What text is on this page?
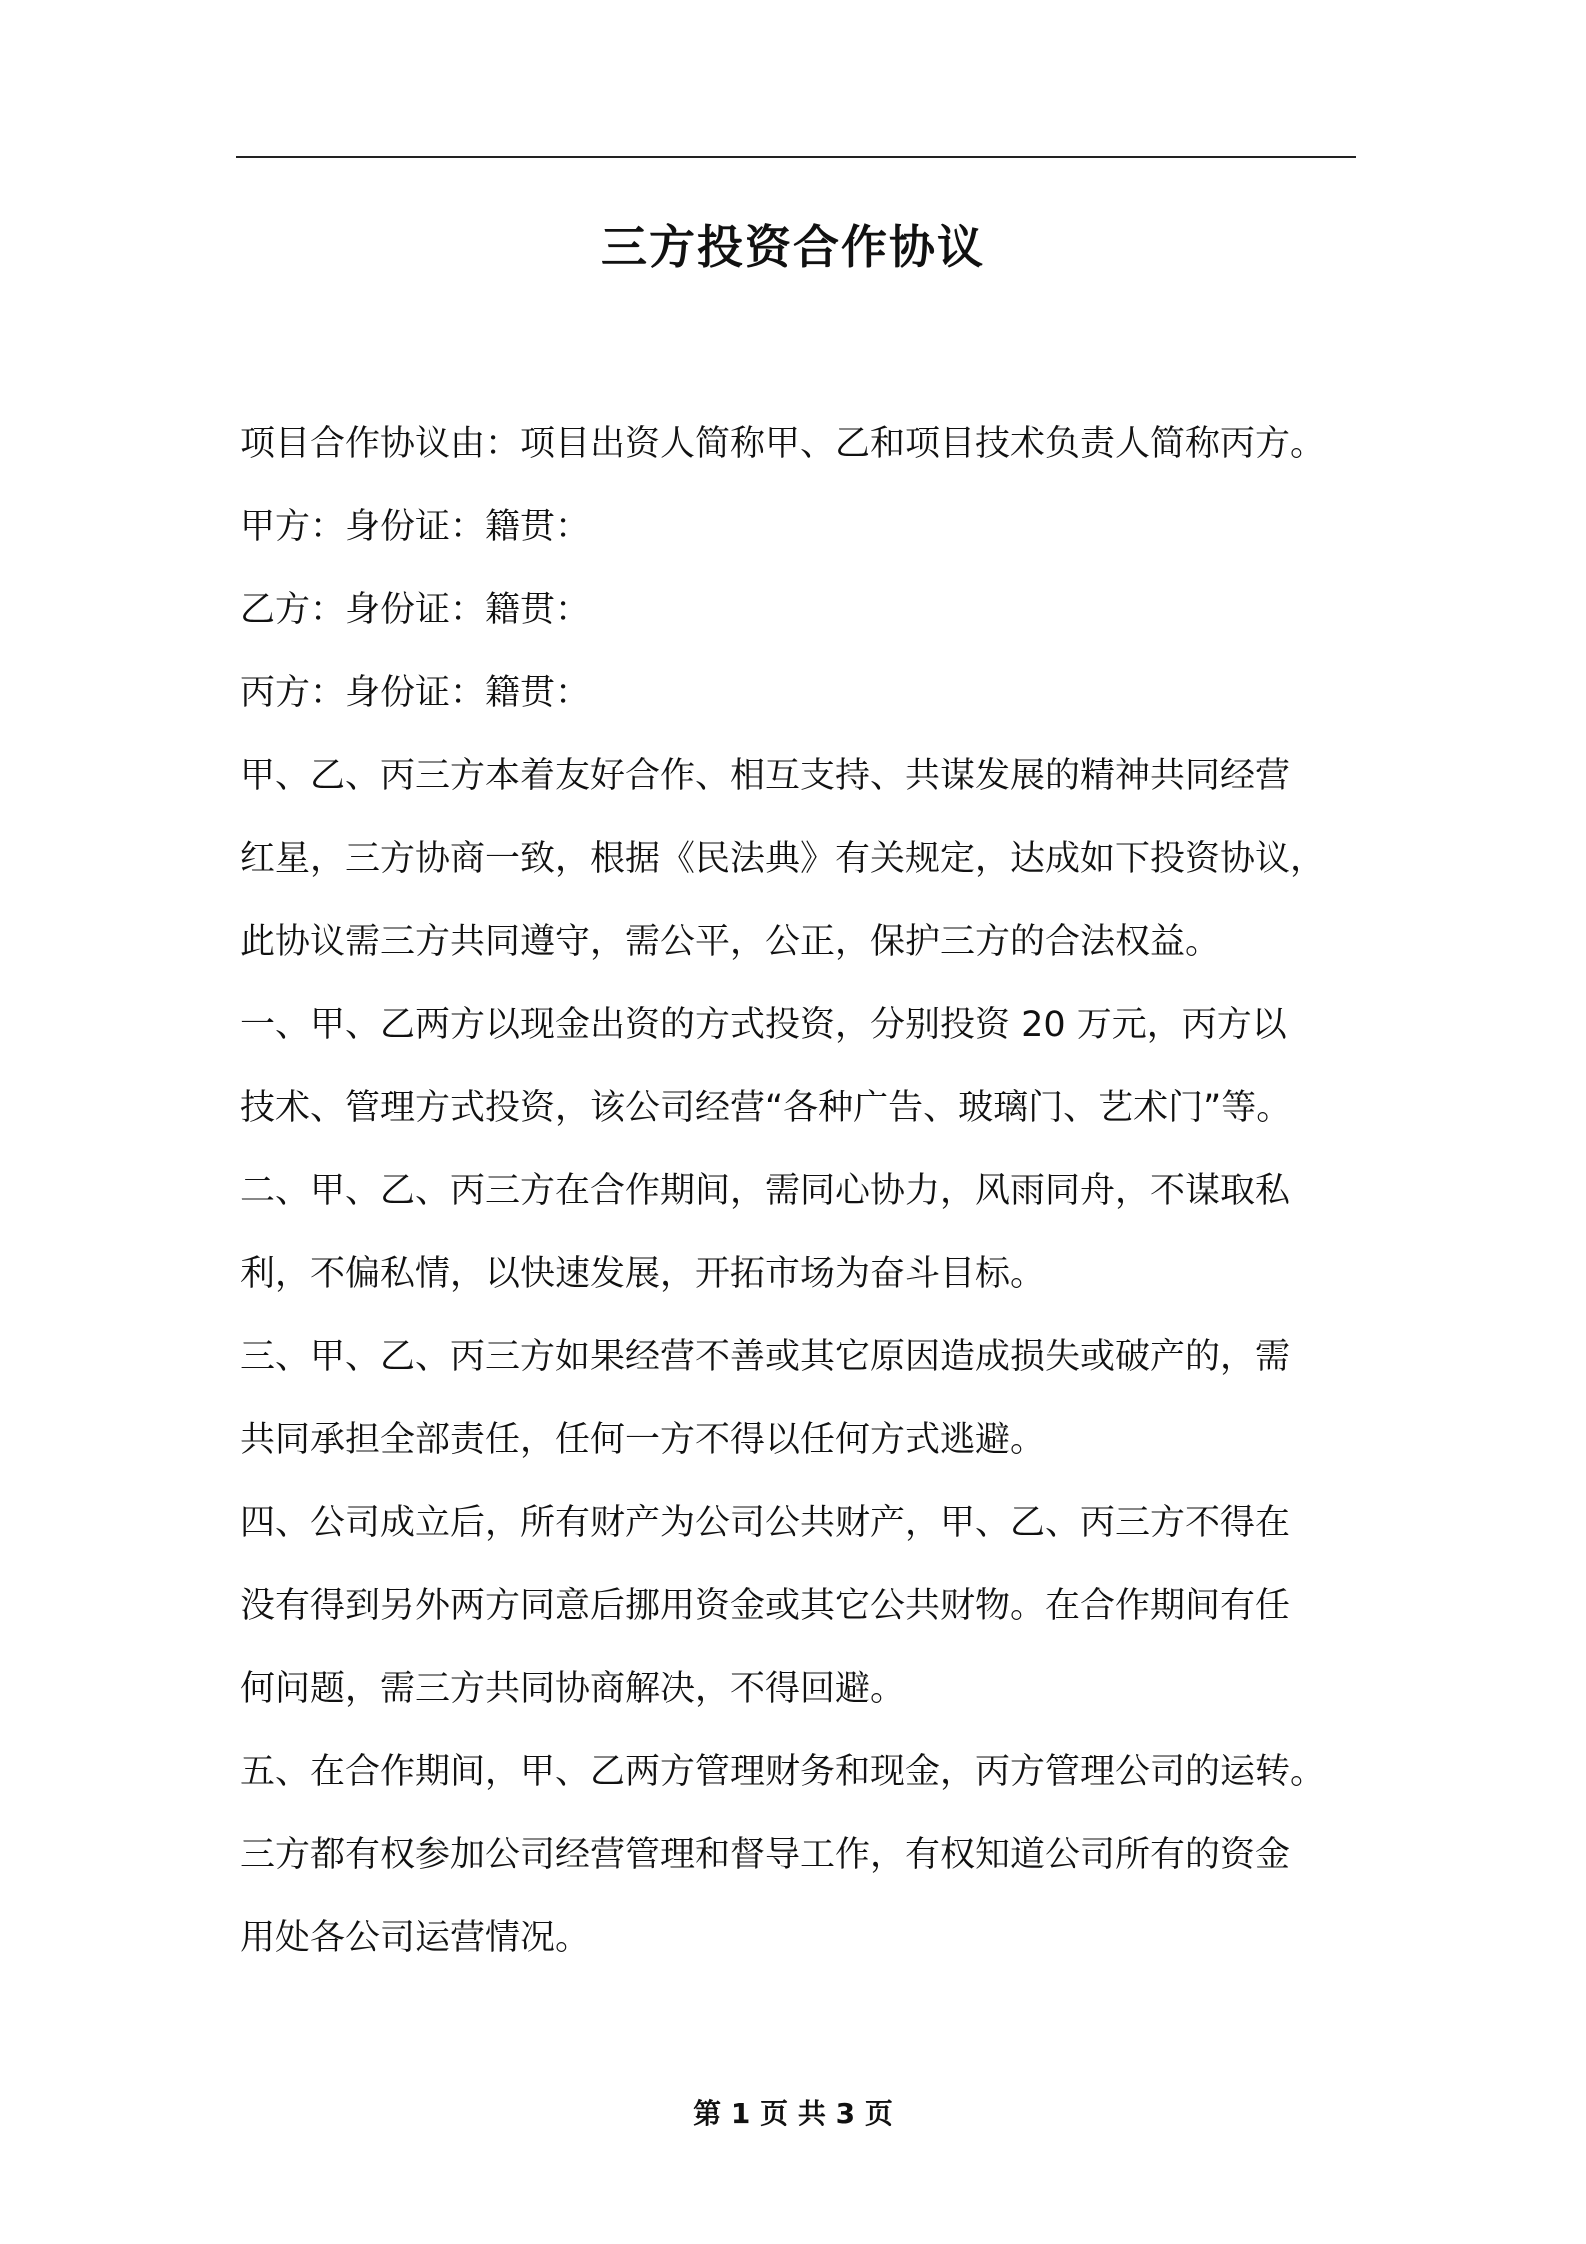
三方投资合作协议
项目合作协议由：项目出资人简称甲、乙和项目技术负责人简称丙方。
甲方：身份证：籍贯：
乙方：身份证：籍贯：
丙方：身份证：籍贯：
甲、乙、丙三方本着友好合作、相互支持、共谋发展的精神共同经营
红星，三方协商一致，根据《民法典》有关规定，达成如下投资协议，
此协议需三方共同遵守，需公平，公正，保护三方的合法权益。
一、甲、乙两方以现金出资的方式投资，分别投资 20 万元，丙方以
技术、管理方式投资，该公司经营“各种广告、玻璃门、艺术门”等。
二、甲、乙、丙三方在合作期间，需同心协力，风雨同舟，不谋取私
利，不偏私情，以快速发展，开拓市场为奋斗目标。
三、甲、乙、丙三方如果经营不善或其它原因造成损失或破产的，需
共同承担全部责任，任何一方不得以任何方式逃避。
四、公司成立后，所有财产为公司公共财产，甲、乙、丙三方不得在
没有得到另外两方同意后挪用资金或其它公共财物。在合作期间有任
何问题，需三方共同协商解决，不得回避。
五、在合作期间，甲、乙两方管理财务和现金，丙方管理公司的运转。
三方都有权参加公司经营管理和督导工作，有权知道公司所有的资金
用处各公司运营情况。
第 1 页 共 3 页
